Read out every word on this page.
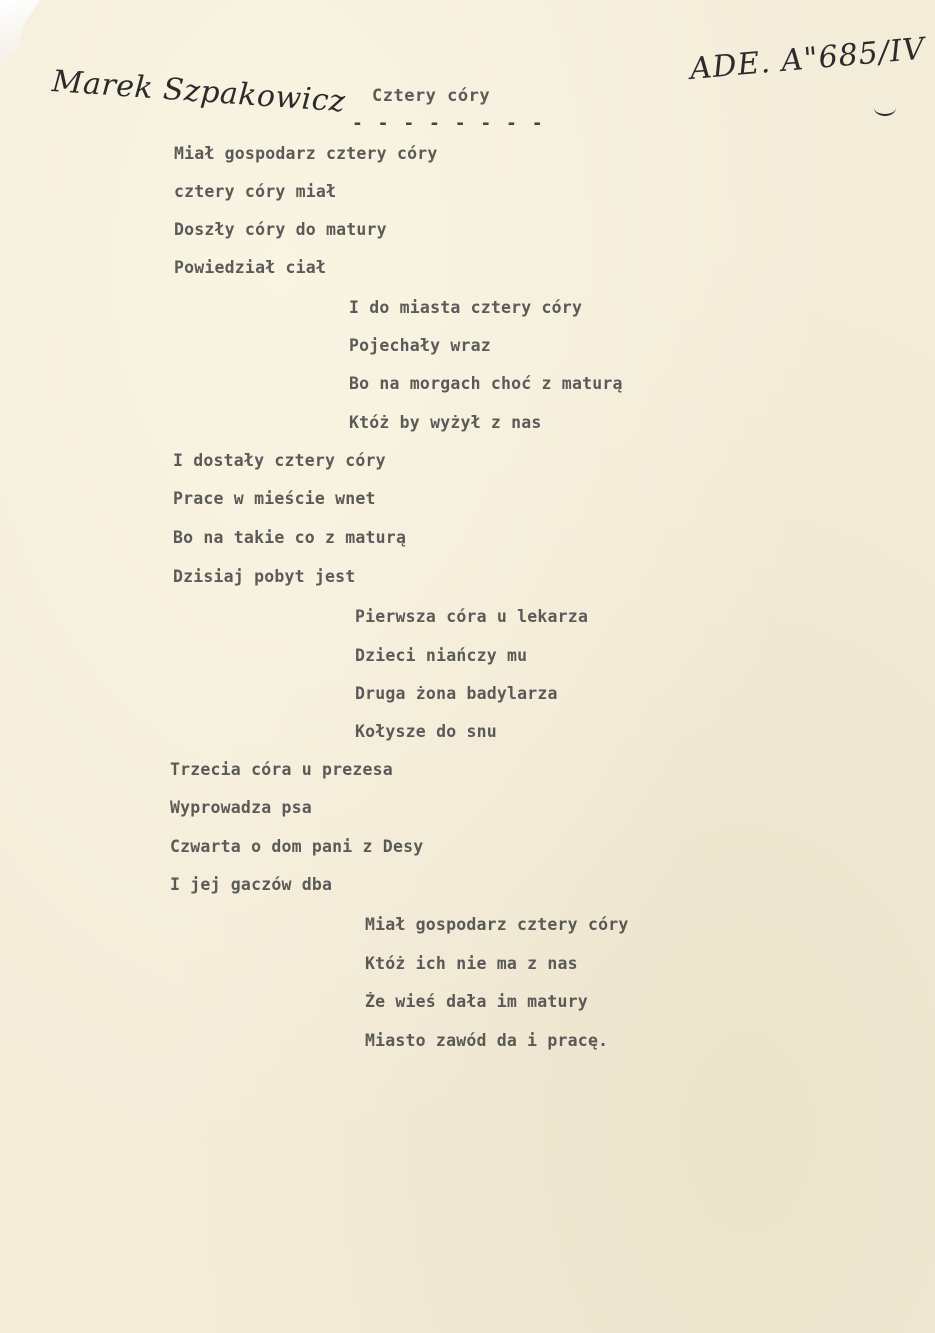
Marek Szpakowicz
ADE. A"685/IV
Cztery córy
- - - - - - - -
Miał gospodarz cztery córy
cztery córy miał
Doszły córy do matury
Powiedział ciał
I do miasta cztery córy
Pojechały wraz
Bo na morgach choć z maturą
Któż by wyżył z nas
I dostały cztery córy
Prace w mieście wnet
Bo na takie co z maturą
Dzisiaj pobyt jest
Pierwsza córa u lekarza
Dzieci niańczy mu
Druga żona badylarza
Kołysze do snu
Trzecia córa u prezesa
Wyprowadza psa
Czwarta o dom pani z Desy
I jej gaczów dba
Miał gospodarz cztery córy
Któż ich nie ma z nas
Że wieś dała im matury
Miasto zawód da i pracę.
